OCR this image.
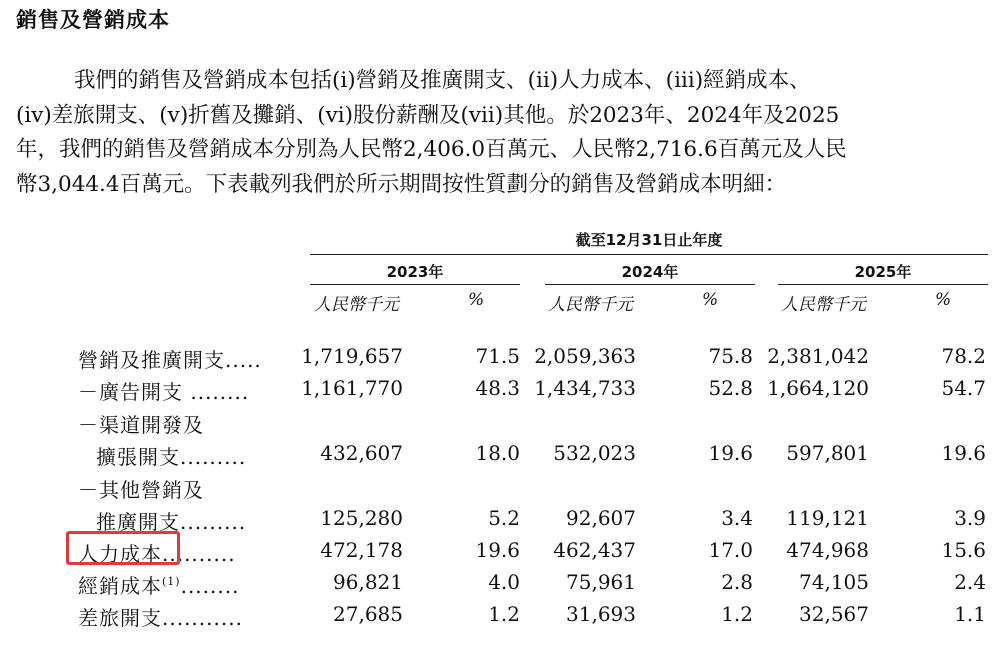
銷售及營銷成本

我們的銷售及營銷成本包括(i)營銷及推廣開支、(ii)人力成本、(iii)經銷成本、
(iv)差旅開支、(v)折舊及攤銷、(vi)股份薪酬及(vii)其他。於2023年、2024年及2025
年，我們的銷售及營銷成本分別為人民幣2,406.0百萬元、人民幣2,716.6百萬元及人民
幣3,044.4百萬元。下表載列我們於所示期間按性質劃分的銷售及營銷成本明細：

截至12月31日止年度
2023年	2024年	2025年
人民幣千元	%	人民幣千元	%	人民幣千元	%
營銷及推廣開支..... 1,719,657	71.5 2,059,363	75.8 2,381,042	78.2
－廣告開支 ........	1,161,770	48.3 1,434,733	52.8 1,664,120	54.7
－渠道開發及
擴張開支.........	432,607	18.0 532,023	19.6 597,801	19.6
－其他營銷及
推廣開支.........	125,280	5.2 92,607	3.4 119,121	3.9
人力成本..........	472,178	19.6 462,437	17.0 474,968	15.6
經銷成本$^{(1)}$........	96,821	4.0 75,961	2.8 74,105	2.4
差旅開支...........	27,685	1.2 31,693	1.2 32,567	1.1
